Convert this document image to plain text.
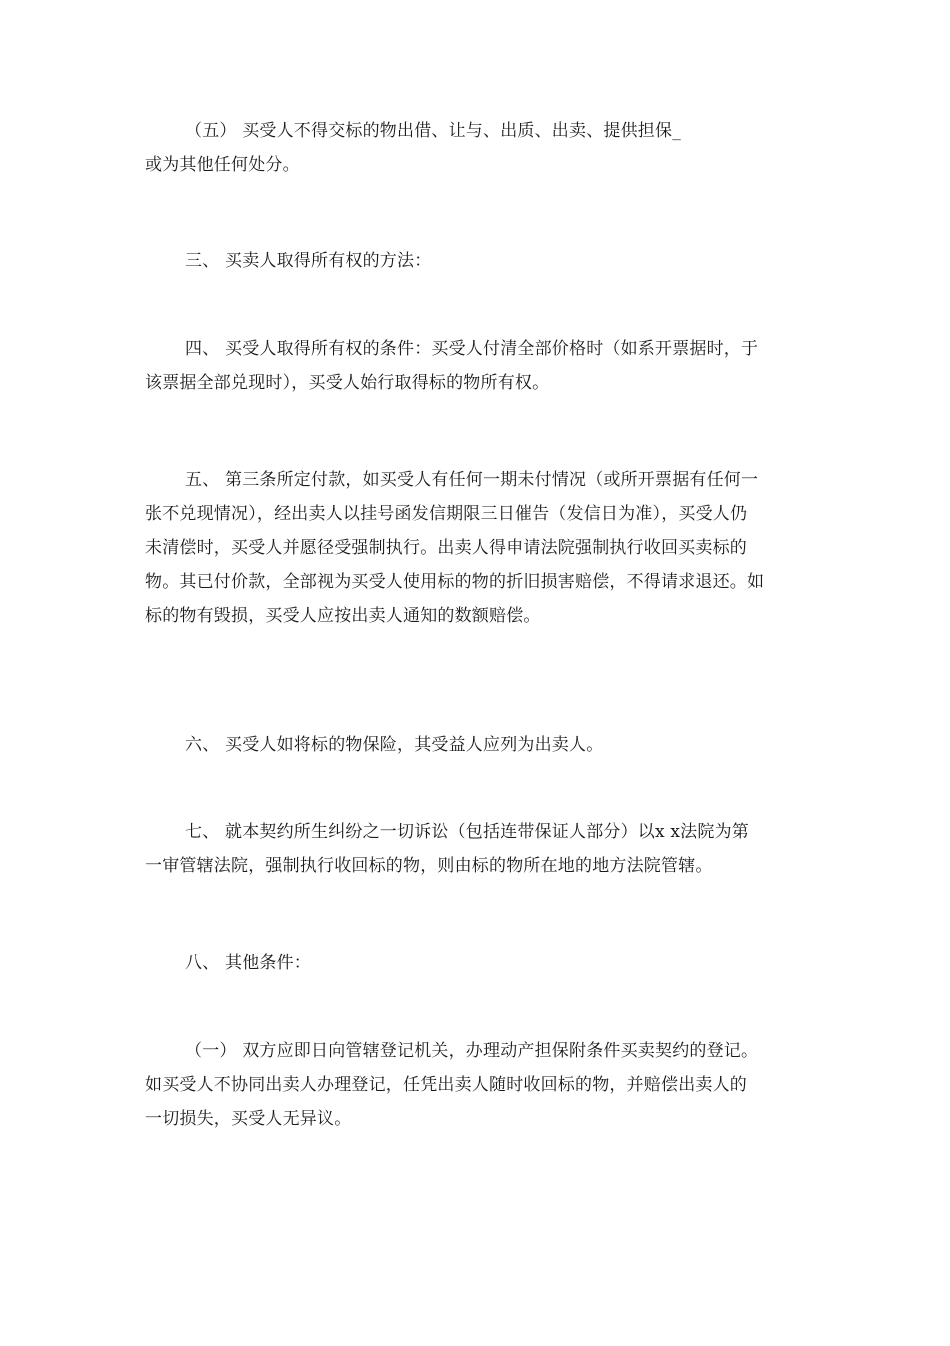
（五） 买受人不得交标的物出借、让与、出质、出卖、提供担保_
或为其他任何处分。
三、 买卖人取得所有权的方法：
四、 买受人取得所有权的条件：买受人付清全部价格时（如系开票据时，于
该票据全部兑现时），买受人始行取得标的物所有权。
五、 第三条所定付款，如买受人有任何一期未付情况（或所开票据有任何一
张不兑现情况），经出卖人以挂号函发信期限三日催告（发信日为准），买受人仍
未清偿时，买受人并愿径受强制执行。出卖人得申请法院强制执行收回买卖标的
物。其已付价款，全部视为买受人使用标的物的折旧损害赔偿，不得请求退还。如
标的物有毁损，买受人应按出卖人通知的数额赔偿。
六、 买受人如将标的物保险，其受益人应列为出卖人。
七、 就本契约所生纠纷之一切诉讼（包括连带保证人部分）以x x法院为第
一审管辖法院，强制执行收回标的物，则由标的物所在地的地方法院管辖。
八、 其他条件：
（一） 双方应即日向管辖登记机关，办理动产担保附条件买卖契约的登记。
如买受人不协同出卖人办理登记，任凭出卖人随时收回标的物，并赔偿出卖人的
一切损失，买受人无异议。
